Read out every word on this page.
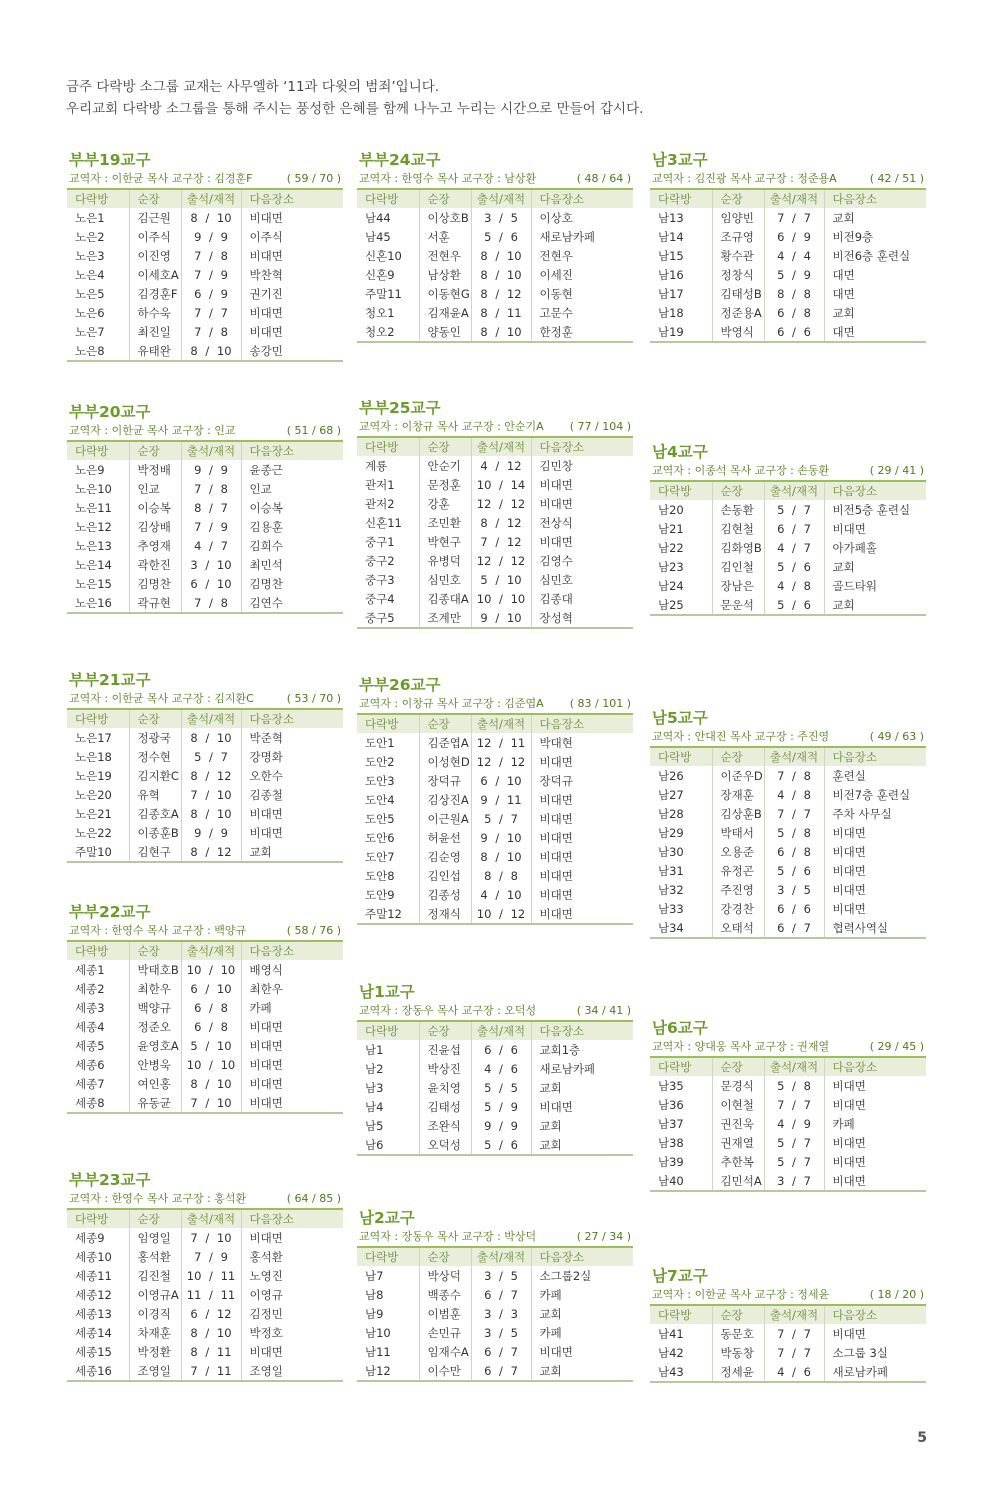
금주 다락방 소그룹 교재는 사무엘하 ‘11과 다윗의 범죄’입니다.
우리교회 다락방 소그룹을 통해 주시는 풍성한 은혜를 함께 나누고 누리는 시간으로 만들어 갑시다.
부부19교구
교역자 : 이한균 목사 교구장 : 김경훈F	( 59 / 70 )
다락방	순장	출석/재적	다음장소
노은1	김근원	8 / 10	비대면
노은2	이주식	9 / 9	이주식
노은3	이진영	7 / 8	비대면
노은4	이세호A	7 / 9	박찬혁
노은5	김경훈F	6 / 9	권기진
노은6	하수욱	7 / 7	비대면
노은7	최진일	7 / 8	비대면
노은8	유태완	8 / 10	송강민
부부20교구
교역자 : 이한균 목사 교구장 : 인교	( 51 / 68 )
다락방	순장	출석/재적	다음장소
노은9	박정배	9 / 9	윤종근
노은10	인교	7 / 8	인교
노은11	이승복	8 / 7	이승복
노은12	김상배	7 / 9	김용훈
노은13	추영재	4 / 7	김희수
노은14	곽한진	3 / 10	최민석
노은15	김명찬	6 / 10	김명찬
노은16	곽규현	7 / 8	김연수
부부21교구
교역자 : 이한균 목사 교구장 : 김지환C	( 53 / 70 )
다락방	순장	출석/재적	다음장소
노은17	정광국	8 / 10	박준혁
노은18	정수현	5 / 7	강명화
노은19	김지환C	8 / 12	오한수
노은20	유혁	7 / 10	김종철
노은21	김종호A	8 / 10	비대면
노은22	이종훈B	9 / 9	비대면
주말10	김현구	8 / 12	교회
부부22교구
교역자 : 한영수 목사 교구장 : 백양규	( 58 / 76 )
다락방	순장	출석/재적	다음장소
세종1	박태호B	10 / 10	배영식
세종2	최한우	6 / 10	최한우
세종3	백양규	6 / 8	카페
세종4	정준오	6 / 8	비대면
세종5	윤영호A	5 / 10	비대면
세종6	안병욱	10 / 10	비대면
세종7	여인홍	8 / 10	비대면
세종8	유동균	7 / 10	비대면
부부23교구
교역자 : 한영수 목사 교구장 : 홍석환	( 64 / 85 )
다락방	순장	출석/재적	다음장소
세종9	임영일	7 / 10	비대면
세종10	홍석환	7 / 9	홍석환
세종11	김진철	10 / 11	노영진
세종12	이영규A	11 / 11	이영규
세종13	이경직	6 / 12	김정민
세종14	차재훈	8 / 10	박정호
세종15	박정환	8 / 11	비대면
세종16	조영일	7 / 11	조영일
부부24교구
교역자 : 한영수 목사 교구장 : 남상환	( 48 / 64 )
다락방	순장	출석/재적	다음장소
남44	이상호B	3 / 5	이상호
남45	서훈	5 / 6	새로남카페
신혼10	전현우	8 / 10	전현우
신혼9	남상환	8 / 10	이세진
주말11	이동현G	8 / 12	이동현
청오1	김재윤A	8 / 11	고문수
청오2	양동인	8 / 10	한정훈
부부25교구
교역자 : 이창규 목사 교구장 : 안순기A ( 77 / 104 )
다락방	순장	출석/재적	다음장소
계룡	안순기	4 / 12	김민창
관저1	문정훈	10 / 14	비대면
관저2	강훈	12 / 12	비대면
신혼11	조민환	8 / 12	전상식
중구1	박현구	7 / 12	비대면
중구2	유병덕	12 / 12	김영수
중구3	심민호	5 / 10	심민호
중구4	김종대A	10 / 10	김종대
중구5	조계만	9 / 10	장성혁
부부26교구
교역자 : 이창규 목사 교구장 : 김준엽A ( 83 / 101 )
다락방	순장	출석/재적	다음장소
도안1	김준엽A	12 / 11	박대현
도안2	이성현D	12 / 12	비대면
도안3	장덕규	6 / 10	장덕규
도안4	김상진A	9 / 11	비대면
도안5	이근원A	5 / 7	비대면
도안6	허윤선	9 / 10	비대면
도안7	김순영	8 / 10	비대면
도안8	김인섭	8 / 8	비대면
도안9	김종성	4 / 10	비대면
주말12	정재식	10 / 12	비대면
남1교구
교역자 : 장동우 목사 교구장 : 오덕성	( 34 / 41 )
다락방	순장	출석/재적	다음장소
남1	진윤섭	6 / 6	교회1층
남2	박상진	4 / 6	새로남카페
남3	윤치영	5 / 5	교회
남4	김태성	5 / 9	비대면
남5	조완식	9 / 9	교회
남6	오덕성	5 / 6	교회
남2교구
교역자 : 장동우 목사 교구장 : 박상덕	( 27 / 34 )
다락방	순장	출석/재적	다음장소
남7	박상덕	3 / 5	소그룹2실
남8	백종수	6 / 7	카페
남9	이범훈	3 / 3	교회
남10	손민규	3 / 5	카페
남11	임재수A	6 / 7	비대면
남12	이수만	6 / 7	교회
남3교구
교역자 : 김진광 목사 교구장 : 정준용A	( 42 / 51 )
다락방	순장	출석/재적	다음장소
남13	임양빈	7 / 7	교회
남14	조규영	6 / 9	비전9층
남15	황수관	4 / 4	비전6층 훈련실
남16	정창식	5 / 9	대면
남17	김태성B	8 / 8	대면
남18	정준용A	6 / 8	교회
남19	박영식	6 / 6	대면
남4교구
교역자 : 이종석 목사 교구장 : 손동환	( 29 / 41 )
다락방	순장	출석/재적	다음장소
남20	손동환	5 / 7	비전5층 훈련실
남21	김현철	6 / 7	비대면
남22	김화영B	4 / 7	아가페홀
남23	김인철	5 / 6	교회
남24	장남은	4 / 8	골드타워
남25	문운석	5 / 6	교회
남5교구
교역자 : 안대진 목사 교구장 : 주진영	( 49 / 63 )
다락방	순장	출석/재적	다음장소
남26	이준우D	7 / 8	훈련실
남27	장재훈	4 / 8	비전7층 훈련실
남28	김상훈B	7 / 7	주차 사무실
남29	박태서	5 / 8	비대면
남30	오용준	6 / 8	비대면
남31	유정곤	5 / 6	비대면
남32	주진영	3 / 5	비대면
남33	강경찬	6 / 6	비대면
남34	오태석	6 / 7	협력사역실
남6교구
교역자 : 양대웅 목사 교구장 : 권재열	( 29 / 45 )
다락방	순장	출석/재적	다음장소
남35	문경식	5 / 8	비대면
남36	이현철	7 / 7	비대면
남37	권진욱	4 / 9	카페
남38	권재열	5 / 7	비대면
남39	추한복	5 / 7	비대면
남40	김민석A	3 / 7	비대면
남7교구
교역자 : 이한균 목사 교구장 : 정세윤	( 18 / 20 )
다락방	순장	출석/재적	다음장소
남41	동문호	7 / 7	비대면
남42	박동창	7 / 7	소그룹 3실
남43	정세윤	4 / 6	새로남카페
5
